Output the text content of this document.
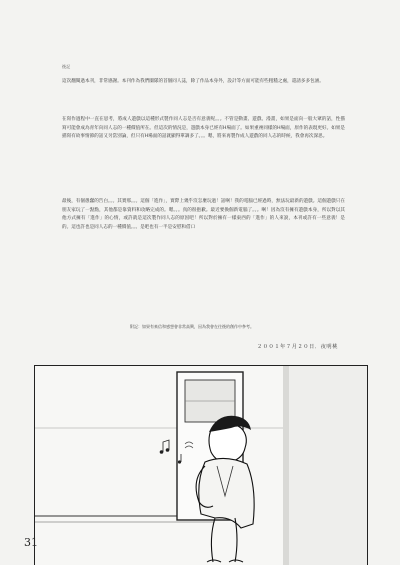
後記
這次翻閱過本刊，非常感謝。本刊作為我們團隊的首個同人誌，除了作品本身外，設計等方面可能有些粗糙之處，還請多多包涵。
在寫作過程中一直在思考，將成人遊戲以這種形式製作同人志是否有意義呢。。。不管是動畫、遊戲、漫畫，如果是面向一般大眾的話，性描寫可能會成為青年向同人志的一種價值所在。但這次的情況是，遊戲本身已經有H場面了。如果重複同樣的H場面，原作的表現更好。如果是描寫有故事情節的話又另當別論，但只有H場面的話就顯得單調多了。。。嗯，將來再製作成人遊戲的同人志的時候，我會再次深思。
最後，有個愚蠢的告白。。。其實那。。。這個「進作」，實際上幾乎沒怎麼玩過！話啊！我的電腦已經過時，無法玩最新的遊戲。這個遊戲只在朋友家玩了一點點，其他都是靠資料和攻略完成的。嗯。。。真的很抱歉。最近要換個新電腦了。。。啊！因為沒有擁有遊戲本身，所以對以其他方式擁有「進作」的心情，或許就是這次製作同人志的原因吧！所以對於擁有一樣東西的「進作」的人來說，本刊或許有一些意義！是的。這也許也是同人志的一種價值。。。是吧也有一半是安慰和借口
附記：如果有來信和感想會非常高興，因為我會在往後的創作中參考。
２００１年７月２０日．夜明桃
31
